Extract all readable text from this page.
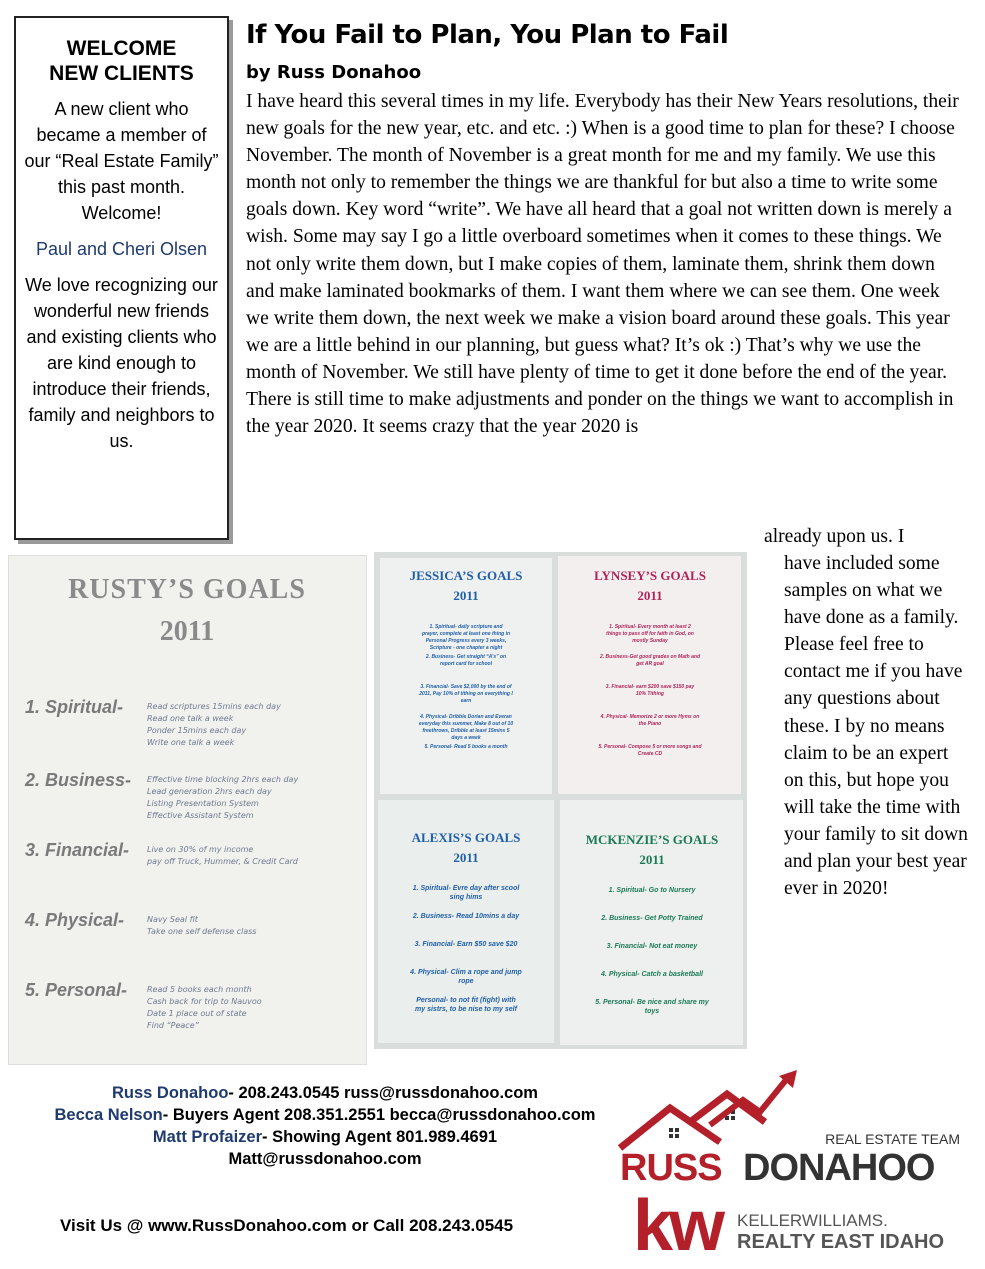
WELCOME
NEW CLIENTS
A new client who became a member of our “Real Estate Family” this past month. Welcome!
Paul and Cheri Olsen
We love recognizing our wonderful new friends and existing clients who are kind enough to introduce their friends, family and neighbors to us.
If You Fail to Plan, You Plan to Fail
by Russ Donahoo

I have heard this several times in my life. Everybody has their New Years resolutions, their new goals for the new year, etc. and etc. :) When is a good time to plan for these? I choose November. The month of November is a great month for me and my family. We use this month not only to remember the things we are thankful for but also a time to write some goals down. Key word “write”. We have all heard that a goal not written down is merely a wish. Some may say I go a little overboard sometimes when it comes to these things. We not only write them down, but I make copies of them, laminate them, shrink them down and make laminated bookmarks of them. I want them where we can see them. One week we write them down, the next week we make a vision board around these goals. This year we are a little behind in our planning, but guess what? It’s ok :) That’s why we use the month of November. We still have plenty of time to get it done before the end of the year. There is still time to make adjustments and ponder on the things we want to accomplish in the year 2020. It seems crazy that the year 2020 is

already upon us. I
have included some samples on what we have done as a family. Please feel free to contact me if you have any questions about these. I by no means claim to be an expert on this, but hope you will take the time with your family to sit down and plan your best year ever in 2020!
RUSTY’S GOALS
2011
1. Spiritual-	Read scriptures 15mins each day
Read one talk a week
Ponder 15mins each day
Write one talk a week
2. Business- Effective time blocking 2hrs each day
Lead generation 2hrs each day
Listing Presentation System
Effective Assistant System
3. Financial- Live on 30% of my income
pay off Truck, Hummer, & Credit Card
4. Physical-	Navy Seal fit
Take one self defense class
5. Personal- Read 5 books each month
Cash back for trip to Nauvoo
Date 1 place out of state
Find “Peace”
JESSICA’S GOALS
2011
1. Spiritual- daily scripture and
prayer, complete at least one thing in
Personal Progress every 3 weeks,
Scripture - one chapter a night
2. Business- Get straight “A’s” on
report card for school
3. Financial- Save $2,000 by the end of
2011, Pay 10% of tithing on everything I
earn
4. Physical- Dribble Dorian and Everan
everyday this summer, Make 8 out of 10
freethrows, Dribble at least 15mins 5
days a week
5. Personal- Read 5 books a month
LYNSEY’S GOALS
2011
1. Spiritual- Every month at least 2
things to pass off for faith in God, on
mostly Sunday
2. Business-Get good grades on Math and
get AR goal
3. Financial- earn $200 save $150 pay
10% Tithing
4. Physical- Memorize 2 or more Hyms on
the Piano
5. Personal- Compose 5 or more songs and
Create CD
ALEXIS’S GOALS
2011
1. Spiritual- Evre day after scool
sing hims
2. Business- Read 10mins a day
3. Financial- Earn $50 save $20
4. Physical- Clim a rope and jump
rope
Personal- to not fit (fight) with
my sistrs, to be nise to my self
MCKENZIE’S GOALS
2011
1. Spiritual- Go to Nursery
2. Business- Get Potty Trained
3. Financial- Not eat money
4. Physical- Catch a basketball
5. Personal- Be nice and share my
toys
Russ Donahoo- 208.243.0545 russ@russdonahoo.com
Becca Nelson- Buyers Agent 208.351.2551 becca@russdonahoo.com
Matt Profaizer- Showing Agent 801.989.4691
Matt@russdonahoo.com
Visit Us @ www.RussDonahoo.com or Call 208.243.0545
REAL ESTATE TEAM
RUSS DONAHOO
kw KELLERWILLIAMS.
REALTY EAST IDAHO
